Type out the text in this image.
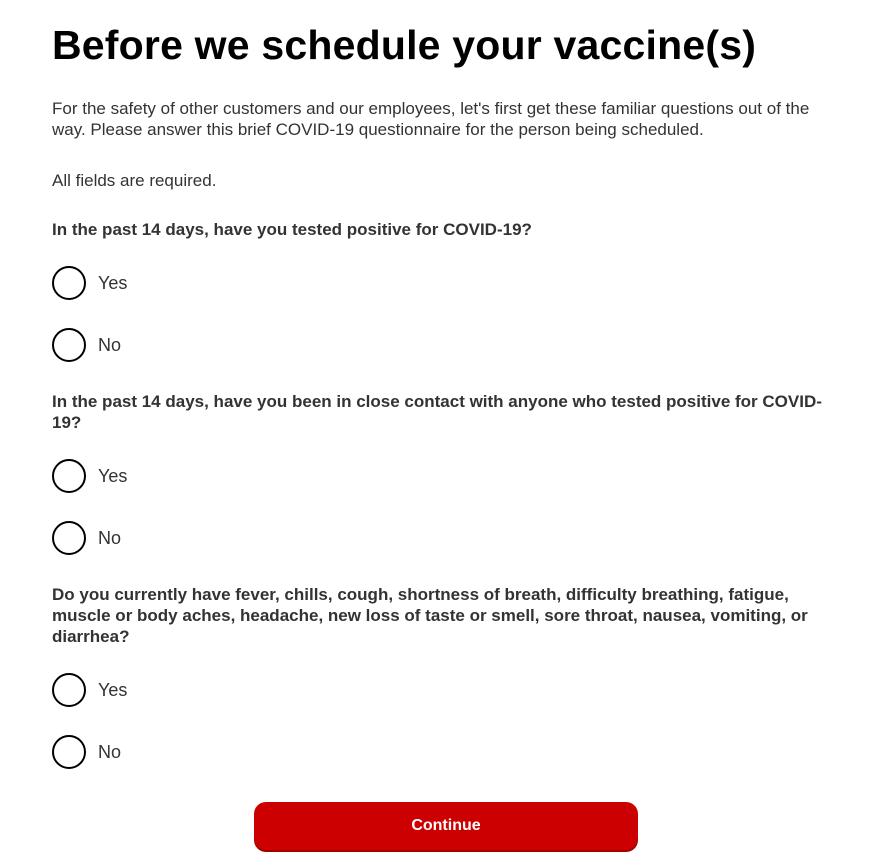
Before we schedule your vaccine(s)

For the safety of other customers and our employees, let's first get these familiar questions out of the way. Please answer this brief COVID-19 questionnaire for the person being scheduled.

All fields are required.

In the past 14 days, have you tested positive for COVID-19?

Yes
No

In the past 14 days, have you been in close contact with anyone who tested positive for COVID-19?

Yes
No

Do you currently have fever, chills, cough, shortness of breath, difficulty breathing, fatigue, muscle or body aches, headache, new loss of taste or smell, sore throat, nausea, vomiting, or diarrhea?

Yes
No
Continue
